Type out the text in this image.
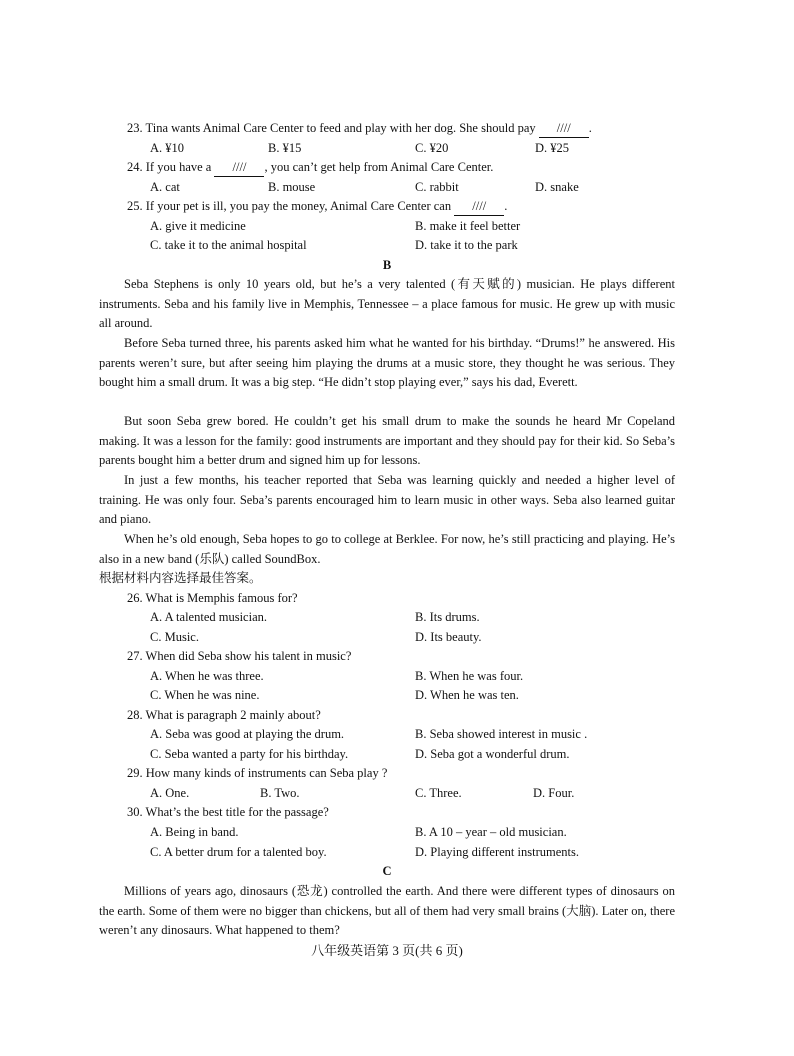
23. Tina wants Animal Care Center to feed and play with her dog. She should pay //// .
A. ¥10	B. ¥15	C. ¥20	D. ¥25
24. If you have a //// , you can’t get help from Animal Care Center.
A. cat	B. mouse	C. rabbit	D. snake
25. If your pet is ill, you pay the money, Animal Care Center can //// .
A. give it medicine	B. make it feel better
C. take it to the animal hospital	D. take it to the park
B
Seba Stephens is only 10 years old, but he’s a very talented (有天赋的) musician. He plays different instruments. Seba and his family live in Memphis, Tennessee – a place famous for music. He grew up with music all around.
Before Seba turned three, his parents asked him what he wanted for his birthday. “Drums!” he answered. His parents weren’t sure, but after seeing him playing the drums at a music store, they thought he was serious. They bought him a small drum. It was a big step. “He didn’t stop playing ever,” says his dad, Everett.
But soon Seba grew bored. He couldn’t get his small drum to make the sounds he heard Mr Copeland making. It was a lesson for the family: good instruments are important and they should pay for their kid. So Seba’s parents bought him a better drum and signed him up for lessons.
In just a few months, his teacher reported that Seba was learning quickly and needed a higher level of training. He was only four. Seba’s parents encouraged him to learn music in other ways. Seba also learned guitar and piano.
When he’s old enough, Seba hopes to go to college at Berklee. For now, he’s still practicing and playing. He’s also in a new band (乐队) called SoundBox.
根据材料内容选择最佳答案。
26. What is Memphis famous for?
A. A talented musician.	B. Its drums.
C. Music.	D. Its beauty.
27. When did Seba show his talent in music?
A. When he was three.	B. When he was four.
C. When he was nine.	D. When he was ten.
28. What is paragraph 2 mainly about?
A. Seba was good at playing the drum.	B. Seba showed interest in music .
C. Seba wanted a party for his birthday.	D. Seba got a wonderful drum.
29. How many kinds of instruments can Seba play ?
A. One.	B. Two.	C. Three.	D. Four.
30. What’s the best title for the passage?
A. Being in band.	B. A 10 – year – old musician.
C. A better drum for a talented boy.	D. Playing different instruments.
C
Millions of years ago, dinosaurs (恐龙) controlled the earth. And there were different types of dinosaurs on the earth. Some of them were no bigger than chickens, but all of them had very small brains (大脑). Later on, there weren’t any dinosaurs. What happened to them?
八年级英语第 3 页(共 6 页)
